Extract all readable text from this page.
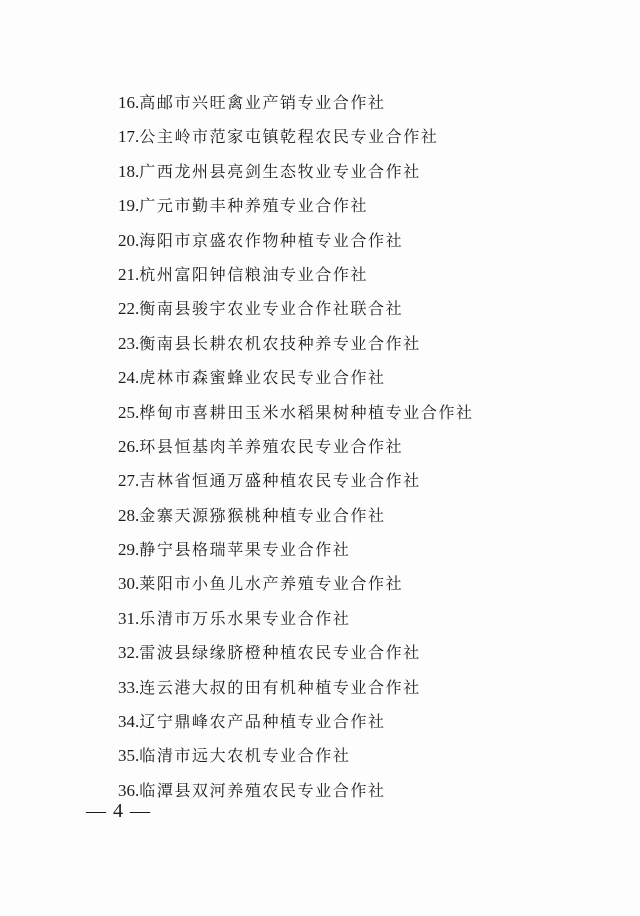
16.高邮市兴旺禽业产销专业合作社
17.公主岭市范家屯镇乾程农民专业合作社
18.广西龙州县亮剑生态牧业专业合作社
19.广元市勤丰种养殖专业合作社
20.海阳市京盛农作物种植专业合作社
21.杭州富阳钟信粮油专业合作社
22.衡南县骏宇农业专业合作社联合社
23.衡南县长耕农机农技种养专业合作社
24.虎林市森蜜蜂业农民专业合作社
25.桦甸市喜耕田玉米水稻果树种植专业合作社
26.环县恒基肉羊养殖农民专业合作社
27.吉林省恒通万盛种植农民专业合作社
28.金寨天源猕猴桃种植专业合作社
29.静宁县格瑞苹果专业合作社
30.莱阳市小鱼儿水产养殖专业合作社
31.乐清市万乐水果专业合作社
32.雷波县绿缘脐橙种植农民专业合作社
33.连云港大叔的田有机种植专业合作社
34.辽宁鼎峰农产品种植专业合作社
35.临清市远大农机专业合作社
36.临潭县双河养殖农民专业合作社
— 4 —
